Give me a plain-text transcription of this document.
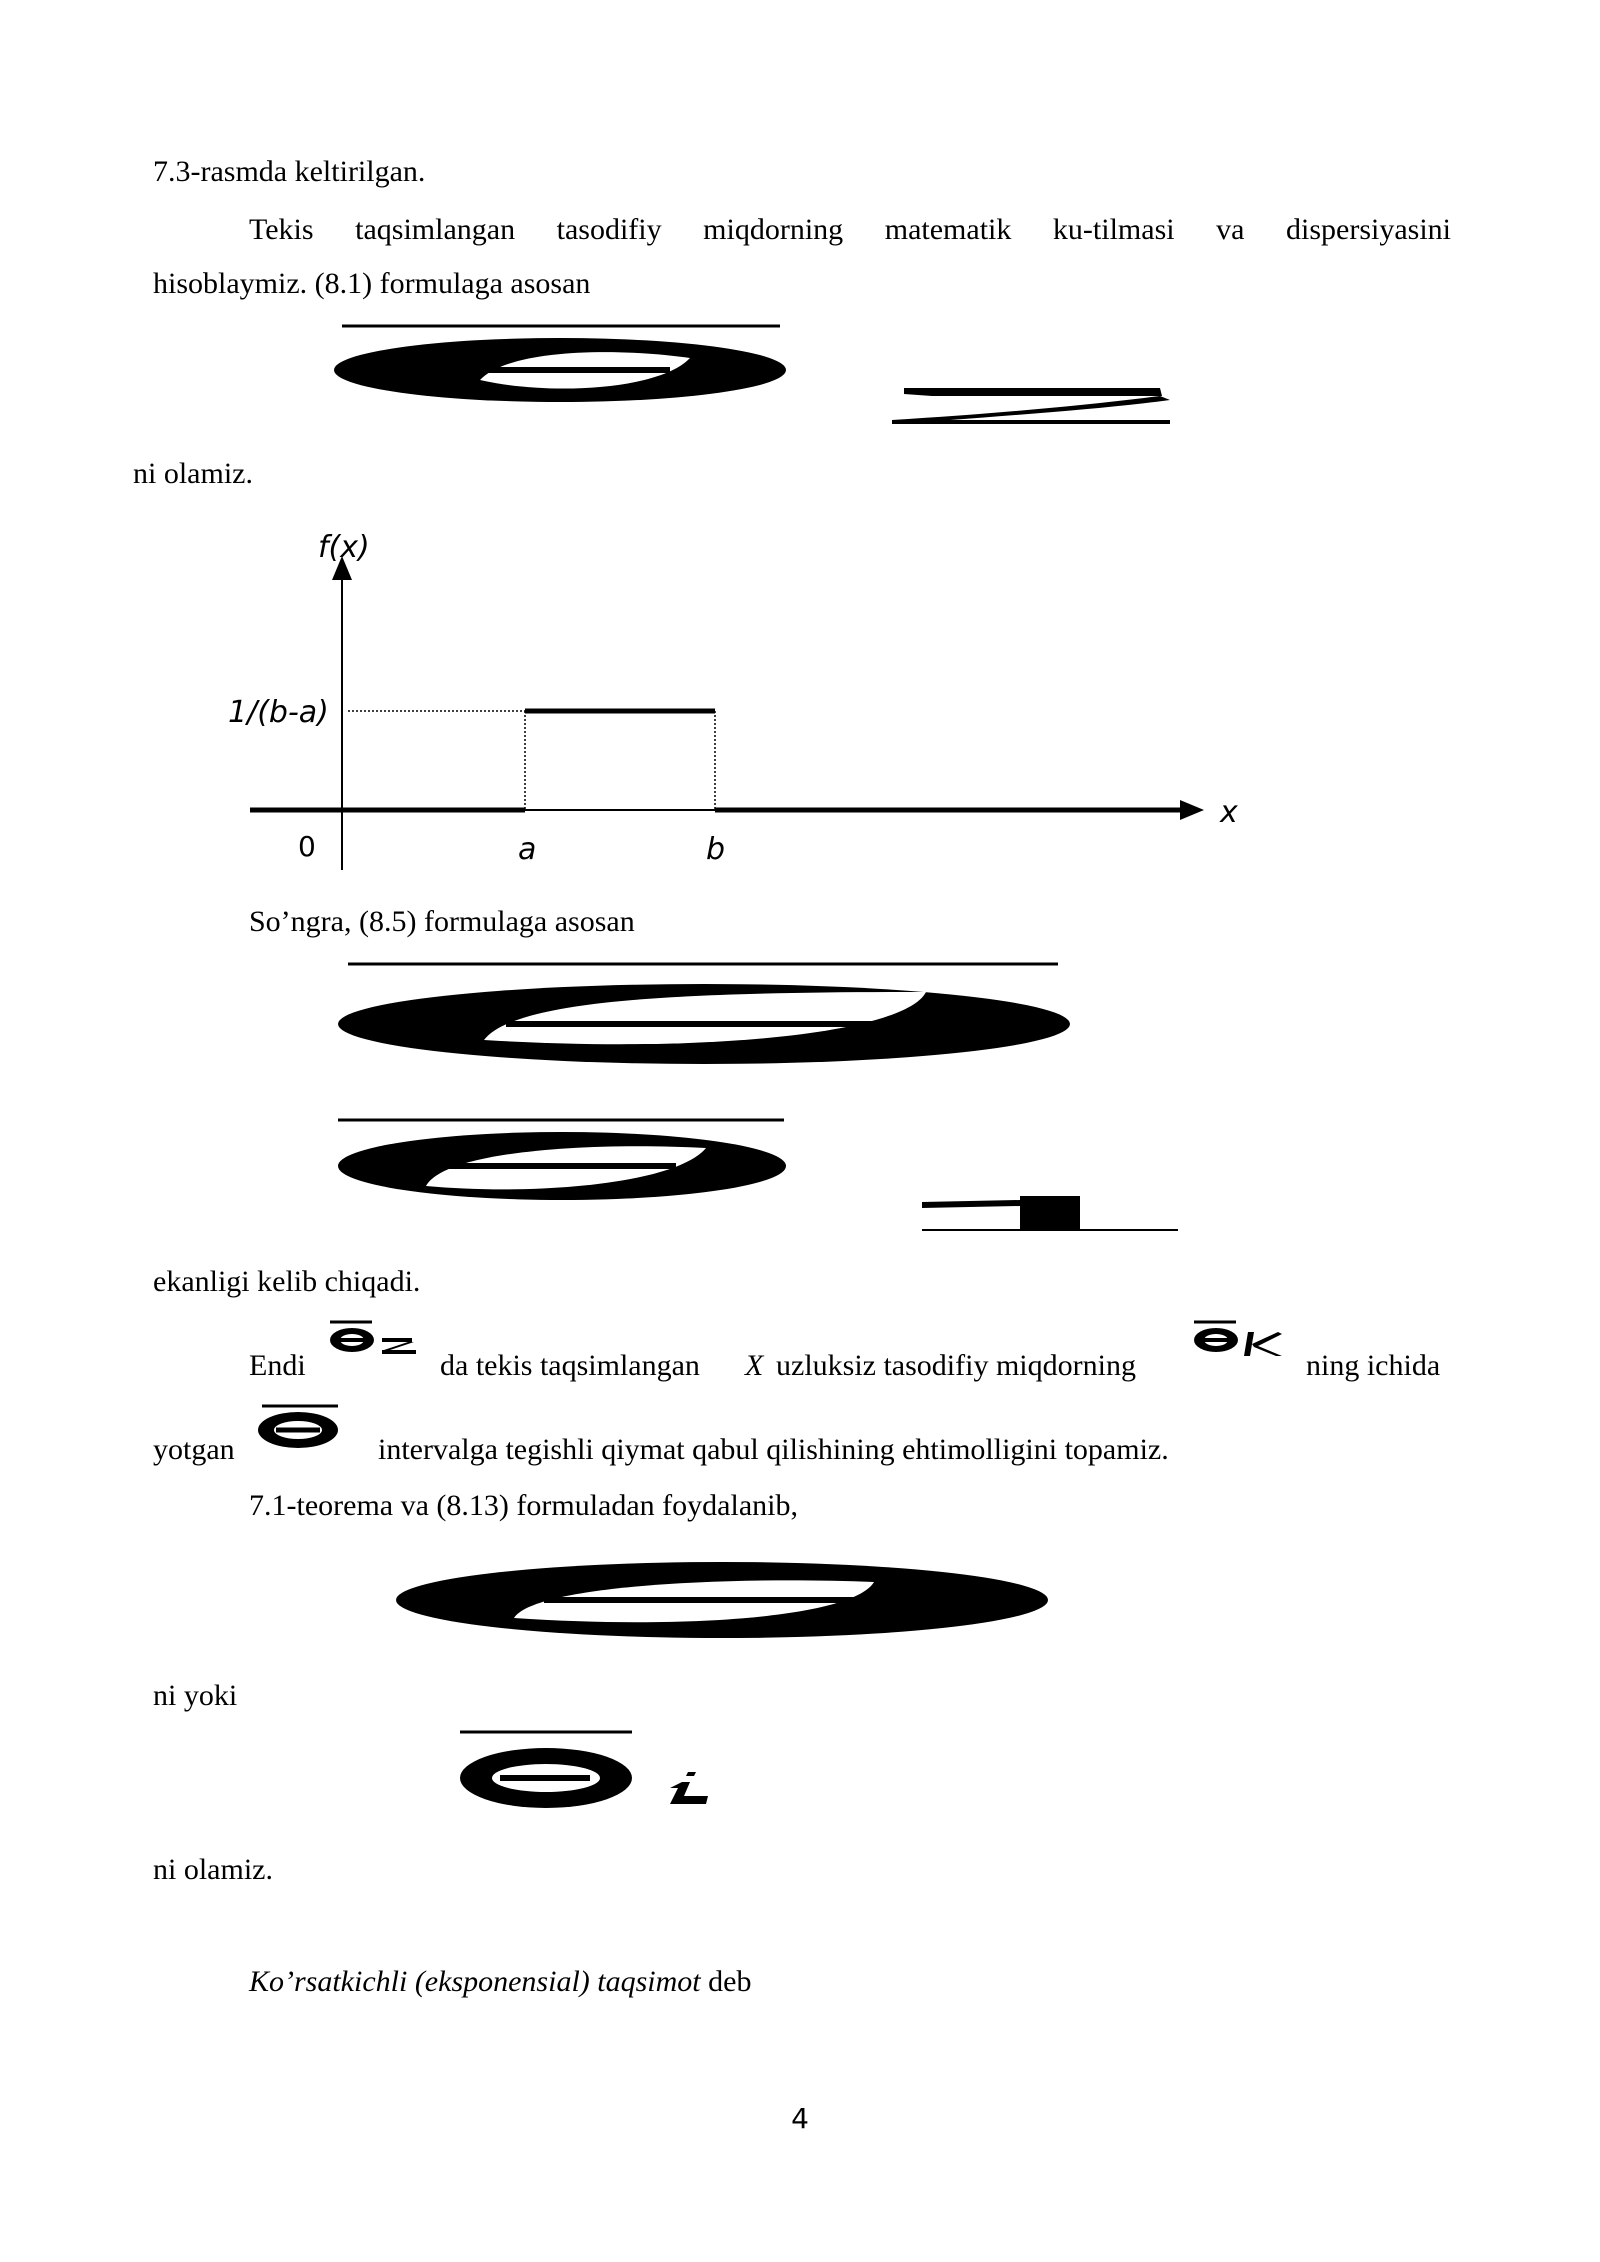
7.3-rasmda keltirilgan.
Tekis taqsimlangan tasodifiy miqdorning matematik ku-tilmasi va dispersiyasini
hisoblaymiz. (8.1) formulaga asosan
ni olamiz.
f(x)
x
1/(b-a)
0	a	b
So’ngra, (8.5) formulaga asosan
ekanligi kelib chiqadi.
Endi	da tekis taqsimlangan X uzluksiz tasodifiy miqdorning	ning ichida
yotgan	intervalga tegishli qiymat qabul qilishining ehtimolligini topamiz.
7.1-teorema va (8.13) formuladan foydalanib,
ni yoki
ni olamiz.
Ko’rsatkichli (eksponensial) taqsimot deb
4
